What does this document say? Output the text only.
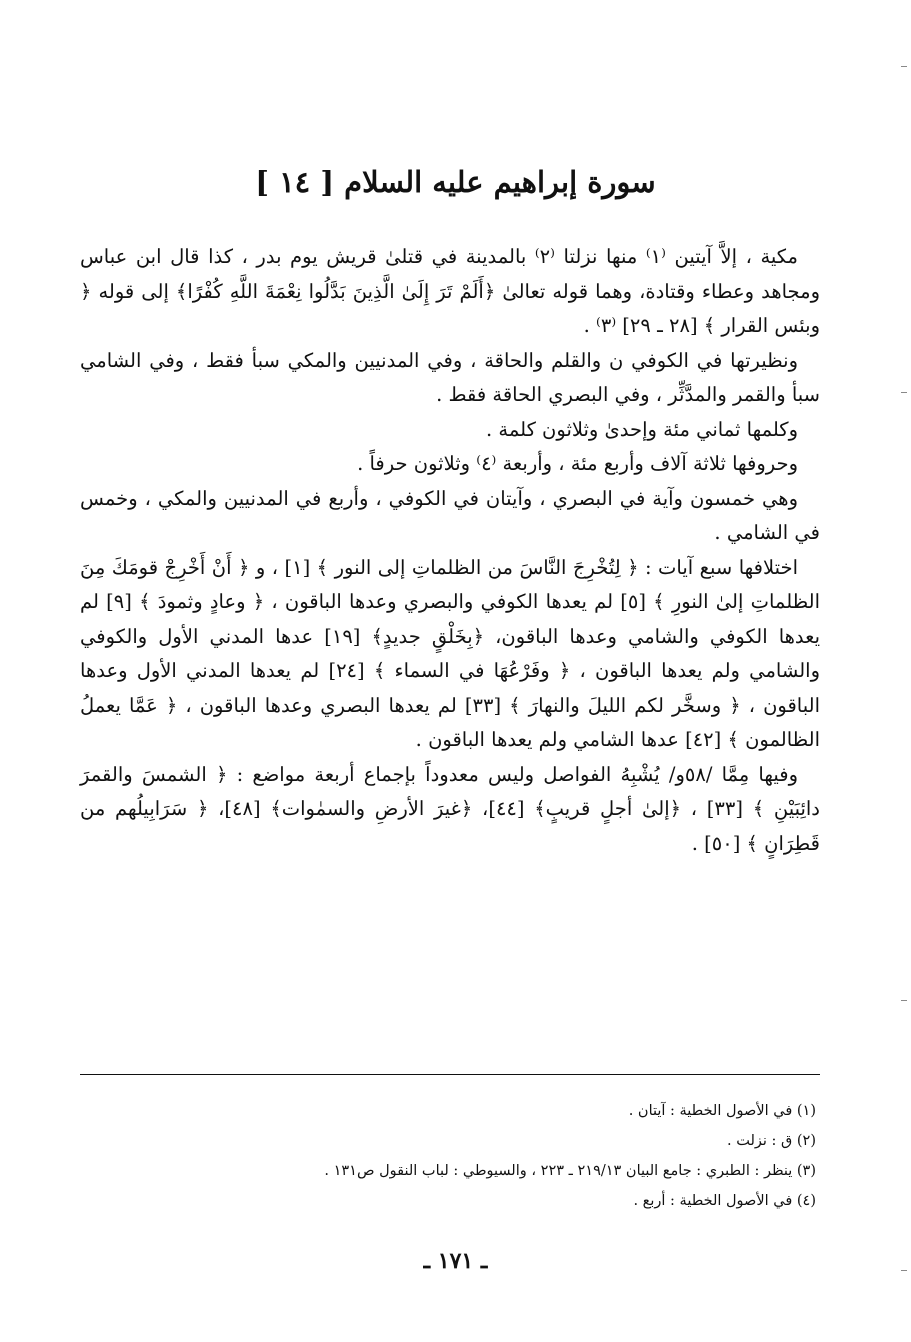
سورة إبراهيم عليه السلام [ ١٤ ]

مكية ، إلاَّ آيتين ⁽١⁾ منها نزلتا ⁽٢⁾ بالمدينة في قتلىٰ قريش يوم بدر ، كذا قال ابن عباس ومجاهد وعطاء وقتادة، وهما قوله تعالىٰ ﴿أَلَمْ تَرَ إِلَىٰ الَّذِينَ بَدَّلُوا نِعْمَةَ اللَّهِ كُفْرًا﴾ إلى قوله ﴿ وبئس القرار ﴾ [٢٨ ـ ٢٩] ⁽٣⁾ .

ونظيرتها في الكوفي ن والقلم والحاقة ، وفي المدنيين والمكي سبأ فقط ، وفي الشامي سبأ والقمر والمدَّثِّر ، وفي البصري الحاقة فقط .

وكلمها ثماني مئة وإحدىٰ وثلاثون كلمة .

وحروفها ثلاثة آلاف وأربع مئة ، وأربعة ⁽٤⁾ وثلاثون حرفاً .

وهي خمسون وآية في البصري ، وآيتان في الكوفي ، وأربع في المدنيين والمكي ، وخمس في الشامي .

اختلافها سبع آيات : ﴿ لِتُخْرِجَ النَّاسَ من الظلماتِ إلى النور ﴾ [١] ، و ﴿ أَنْ أَخْرِجْ قومَكَ مِنَ الظلماتِ إلىٰ النورِ ﴾ [٥] لم يعدها الكوفي والبصري وعدها الباقون ، ﴿ وعادٍ وثمودَ ﴾ [٩] لم يعدها الكوفي والشامي وعدها الباقون، ﴿بِخَلْقٍ جديدٍ﴾ [١٩] عدها المدني الأول والكوفي والشامي ولم يعدها الباقون ، ﴿ وفَرْعُهَا في السماء ﴾ [٢٤] لم يعدها المدني الأول وعدها الباقون ، ﴿ وسخَّر لكم الليلَ والنهارَ ﴾ [٣٣] لم يعدها البصري وعدها الباقون ، ﴿ عَمَّا يعملُ الظالمون ﴾ [٤٢] عدها الشامي ولم يعدها الباقون .

وفيها مِمَّا /٥٨و/ يُشْبِهُ الفواصل وليس معدوداً بإجماع أربعة مواضع : ﴿ الشمسَ والقمرَ دائِبَيْنِ ﴾ [٣٣] ، ﴿إلىٰ أجلٍ قريبٍ﴾ [٤٤]، ﴿غيرَ الأرضِ والسمٰوات﴾ [٤٨]، ﴿ سَرَابِيلُهم من قَطِرَانٍ ﴾ [٥٠] .

(١) في الأصول الخطية : آيتان .
(٢) ق : نزلت .
(٣) ينظر : الطبري : جامع البيان ٢١٩/١٣ ـ ٢٢٣ ، والسيوطي : لباب النقول ص١٣١ .
(٤) في الأصول الخطية : أربع .
ـ ١٧١ ـ
